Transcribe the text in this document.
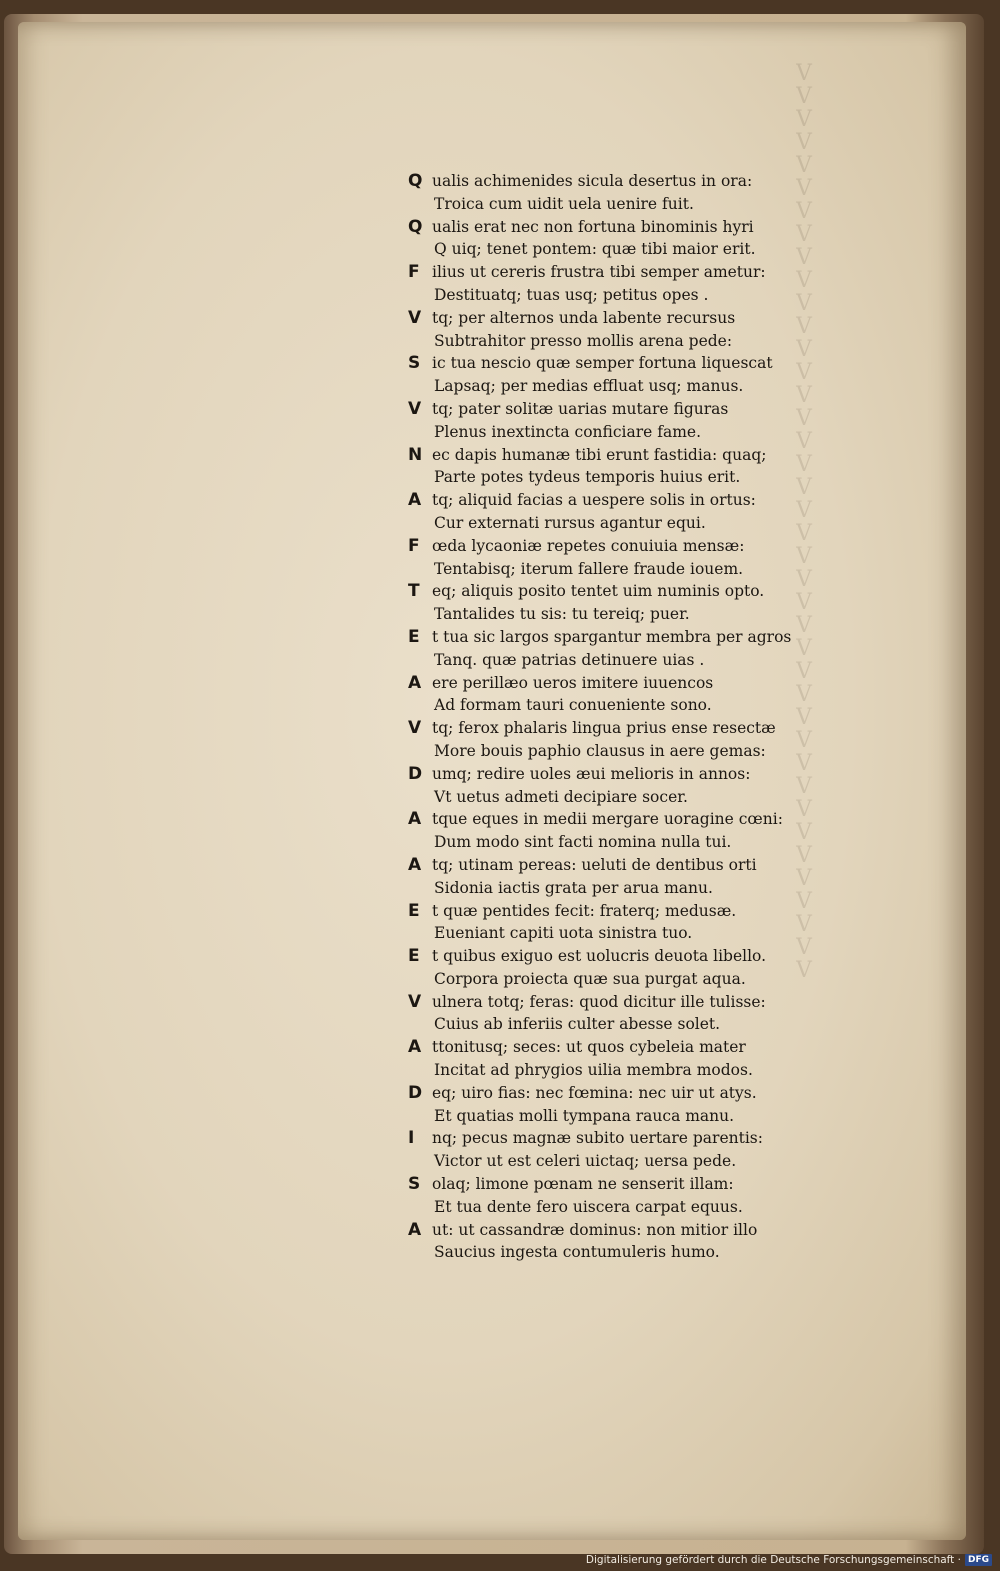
V
V
V
V
V
V
V
V
V
V
V
V
V
V
V
V
V
V
V
V
V
V
V
V
V
V
V
V
V
V
V
V
V
V
V
V
V
V
V
V
Q ualis achimenides sicula desertus in ora:
Troica cum uidit uela uenire fuit.
Q ualis erat nec non fortuna binominis hyri
Q uiq; tenet pontem: quæ tibi maior erit.
F ilius ut cereris frustra tibi semper ametur:
Destituatq; tuas usq; petitus opes .
V tq; per alternos unda labente recursus
Subtrahitor presso mollis arena pede:
S ic tua nescio quæ semper fortuna liquescat
Lapsaq; per medias effluat usq; manus.
V tq; pater solitæ uarias mutare figuras
Plenus inextincta conficiare fame.
N ec dapis humanæ tibi erunt fastidia: quaq;
Parte potes tydeus temporis huius erit.
A tq; aliquid facias a uespere solis in ortus:
Cur externati rursus agantur equi.
F œda lycaoniæ repetes conuiuia mensæ:
Tentabisq; iterum fallere fraude iouem.
T eq; aliquis posito tentet uim numinis opto.
Tantalides tu sis: tu tereiq; puer.
E t tua sic largos spargantur membra per agros
Tanq. quæ patrias detinuere uias .
A ere perillæo ueros imitere iuuencos
Ad formam tauri conueniente sono.
V tq; ferox phalaris lingua prius ense resectæ
More bouis paphio clausus in aere gemas:
D umq; redire uoles æui melioris in annos:
Vt uetus admeti decipiare socer.
A tque eques in medii mergare uoragine cœni:
Dum modo sint facti nomina nulla tui.
A tq; utinam pereas: ueluti de dentibus orti
Sidonia iactis grata per arua manu.
E t quæ pentides fecit: fraterq; medusæ.
Eueniant capiti uota sinistra tuo.
E t quibus exiguo est uolucris deuota libello.
Corpora proiecta quæ sua purgat aqua.
V ulnera totq; feras: quod dicitur ille tulisse:
Cuius ab inferiis culter abesse solet.
A ttonitusq; seces: ut quos cybeleia mater
Incitat ad phrygios uilia membra modos.
D eq; uiro fias: nec fœmina: nec uir ut atys.
Et quatias molli tympana rauca manu.
I nq; pecus magnæ subito uertare parentis:
Victor ut est celeri uictaq; uersa pede.
S olaq; limone pœnam ne senserit illam:
Et tua dente fero uiscera carpat equus.
A ut: ut cassandræ dominus: non mitior illo
Saucius ingesta contumuleris humo.
Digitalisierung gefördert durch die Deutsche Forschungsgemeinschaft · DFG
